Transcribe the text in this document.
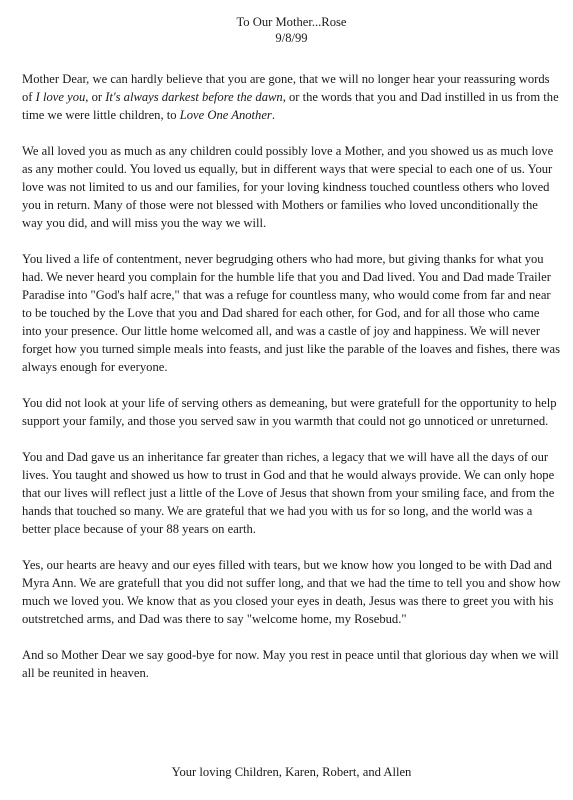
To Our Mother...Rose
9/8/99

Mother Dear, we can hardly believe that you are gone, that we will no longer hear your reassuring words of I love you, or It's always darkest before the dawn, or the words that you and Dad instilled in us from the time we were little children, to Love One Another.

We all loved you as much as any children could possibly love a Mother, and you showed us as much love as any mother could. You loved us equally, but in different ways that were special to each one of us. Your love was not limited to us and our families, for your loving kindness touched countless others who loved you in return. Many of those were not blessed with Mothers or families who loved unconditionally the way you did, and will miss you the way we will.

You lived a life of contentment, never begrudging others who had more, but giving thanks for what you had. We never heard you complain for the humble life that you and Dad lived. You and Dad made Trailer Paradise into "God's half acre," that was a refuge for countless many, who would come from far and near to be touched by the Love that you and Dad shared for each other, for God, and for all those who came into your presence. Our little home welcomed all, and was a castle of joy and happiness. We will never forget how you turned simple meals into feasts, and just like the parable of the loaves and fishes, there was always enough for everyone.

You did not look at your life of serving others as demeaning, but were gratefull for the opportunity to help support your family, and those you served saw in you warmth that could not go unnoticed or unreturned.

You and Dad gave us an inheritance far greater than riches, a legacy that we will have all the days of our lives. You taught and showed us how to trust in God and that he would always provide. We can only hope that our lives will reflect just a little of the Love of Jesus that shown from your smiling face, and from the hands that touched so many. We are grateful that we had you with us for so long, and the world was a better place because of your 88 years on earth.

Yes, our hearts are heavy and our eyes filled with tears, but we know how you longed to be with Dad and Myra Ann. We are gratefull that you did not suffer long, and that we had the time to tell you and show how much we loved you. We know that as you closed your eyes in death, Jesus was there to greet you with his outstretched arms, and Dad was there to say "welcome home, my Rosebud."

And so Mother Dear we say good-bye for now. May you rest in peace until that glorious day when we will all be reunited in heaven.

Your loving Children, Karen, Robert, and Allen
